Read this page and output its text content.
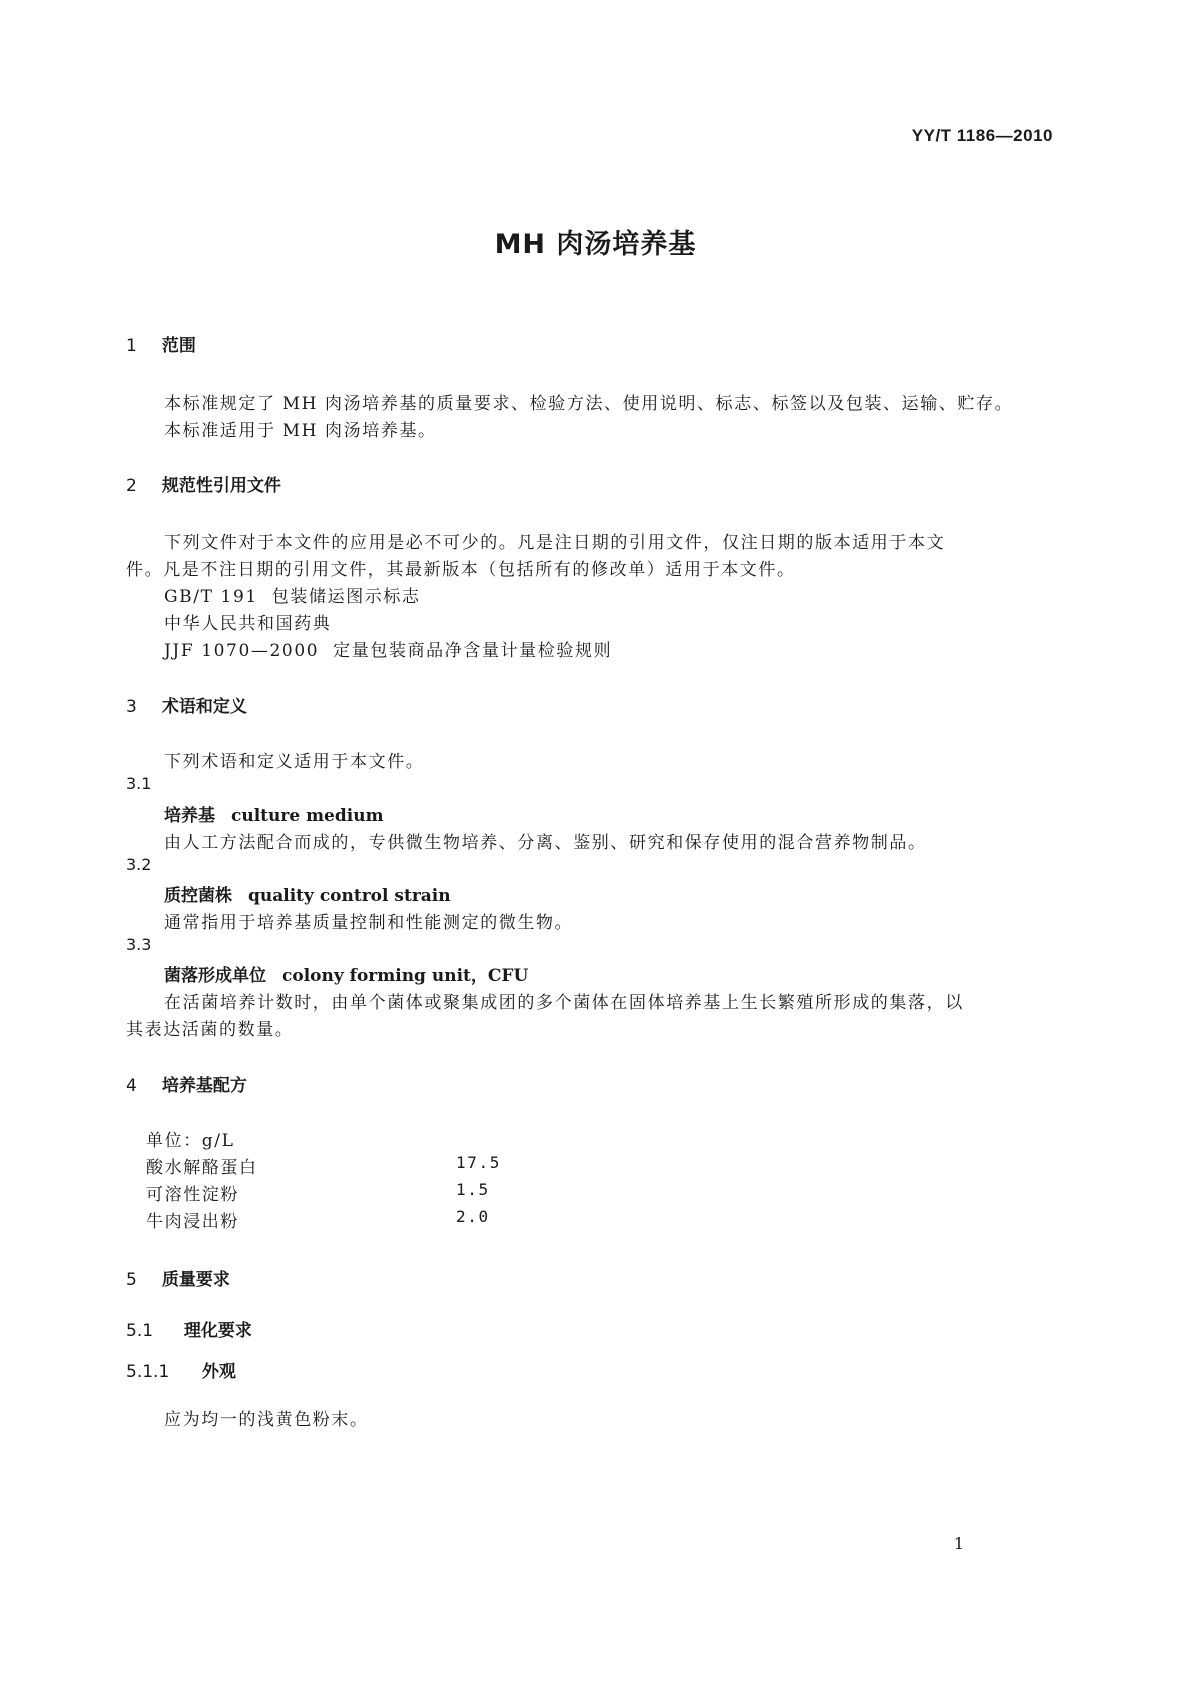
YY/T 1186—2010
MH 肉汤培养基
1 范围
本标准规定了 MH 肉汤培养基的质量要求、检验方法、使用说明、标志、标签以及包装、运输、贮存。
本标准适用于 MH 肉汤培养基。
2 规范性引用文件
下列文件对于本文件的应用是必不可少的。凡是注日期的引用文件，仅注日期的版本适用于本文
件。凡是不注日期的引用文件，其最新版本（包括所有的修改单）适用于本文件。
GB/T 191 包装储运图示标志
中华人民共和国药典
JJF 1070—2000 定量包装商品净含量计量检验规则
3 术语和定义
下列术语和定义适用于本文件。
3.1
培养基 culture medium
由人工方法配合而成的，专供微生物培养、分离、鉴别、研究和保存使用的混合营养物制品。
3.2
质控菌株 quality control strain
通常指用于培养基质量控制和性能测定的微生物。
3.3
菌落形成单位 colony forming unit，CFU
在活菌培养计数时，由单个菌体或聚集成团的多个菌体在固体培养基上生长繁殖所形成的集落，以
其表达活菌的数量。
4 培养基配方
单位：g/L
酸水解酪蛋白	17.5
可溶性淀粉	1.5
牛肉浸出粉	2.0
5 质量要求
5.1 理化要求
5.1.1 外观
应为均一的浅黄色粉末。
1
